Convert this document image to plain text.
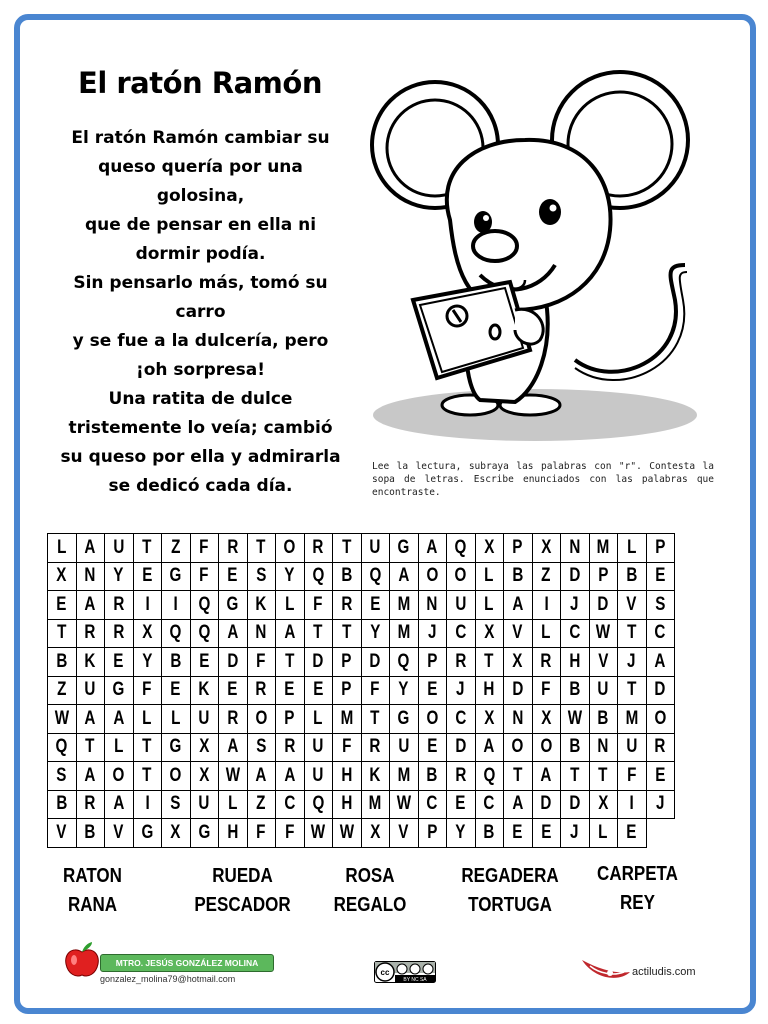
El ratón Ramón
El ratón Ramón cambiar su
queso quería por una
golosina,
que de pensar en ella ni
dormir podía.
Sin pensarlo más, tomó su
carro
y se fue a la dulcería, pero
¡oh sorpresa!
Una ratita de dulce
tristemente lo veía; cambió
su queso por ella y admirarla
se dedicó cada día.
Lee la lectura, subraya las palabras con "r". Contesta la sopa de letras. Escribe enunciados con las palabras que encontraste.
L	A	U	T	Z	F	R	T	O	R	T	U	G	A	Q	X	P	X	N	M	L	P
X	N	Y	E	G	F	E	S	Y	Q	B	Q	A	O	O	L	B	Z	D	P	B	E
E	A	R	I	I	Q	G	K	L	F	R	E	M	N	U	L	A	I	J	D	V	S
T	R	R	X	Q	Q	A	N	A	T	T	Y	M	J	C	X	V	L	C	W	T	C
B	K	E	Y	B	E	D	F	T	D	P	D	Q	P	R	T	X	R	H	V	J	A
Z	U	G	F	E	K	E	R	E	E	P	F	Y	E	J	H	D	F	B	U	T	D
W	A	A	L	L	U	R	O	P	L	M	T	G	O	C	X	N	X	W	B	M	O
Q	T	L	T	G	X	A	S	R	U	F	R	U	E	D	A	O	O	B	N	U	R
S	A	O	T	O	X	W	A	A	U	H	K	M	B	R	Q	T	A	T	T	F	E
B	R	A	I	S	U	L	Z	C	Q	H	M	W	C	E	C	A	D	D	X	I	J
V	B	V	G	X	G	H	F	F	W	W	X	V	P	Y	B	E	E	J	L	E	
RATON
RANA
RUEDA
PESCADOR
ROSA
REGALO
REGADERA
TORTUGA
CARPETA
REY
MTRO. JESÚS GONZÁLEZ MOLINA
gonzalez_molina79@hotmail.com
cc
BY NC SA
actiludis.com
